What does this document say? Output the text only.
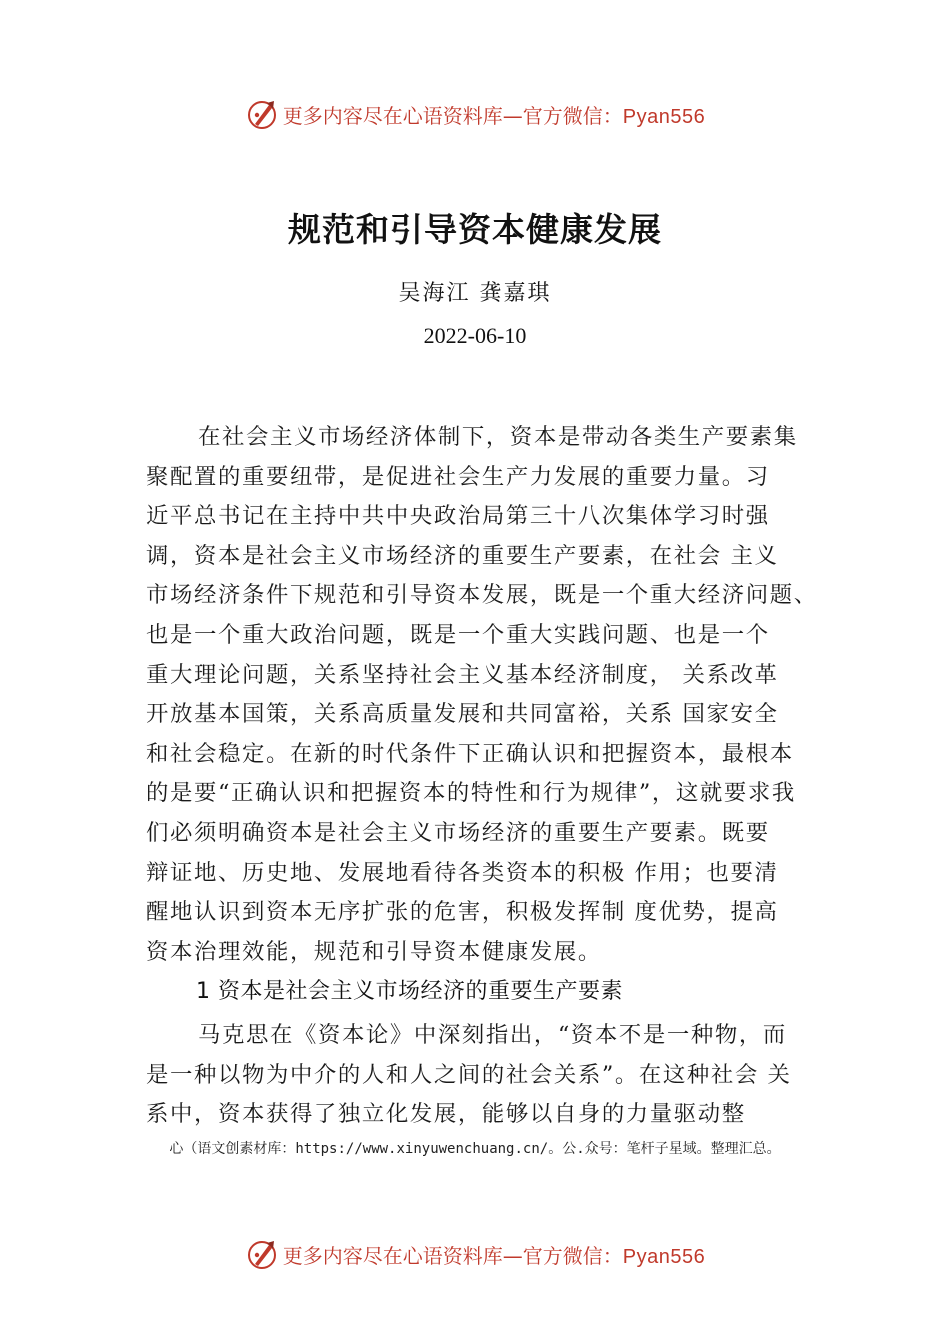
更多内容尽在心语资料库—官方微信：Pyan556
规范和引导资本健康发展
吴海江 龚嘉琪
2022-06-10
在社会主义市场经济体制下，资本是带动各类生产要素集
聚配置的重要纽带，是促进社会生产力发展的重要力量。习
近平总书记在主持中共中央政治局第三十八次集体学习时强
调，资本是社会主义市场经济的重要生产要素，在社会 主义
市场经济条件下规范和引导资本发展，既是一个重大经济问题、
也是一个重大政治问题，既是一个重大实践问题、也是一个
重大理论问题，关系坚持社会主义基本经济制度， 关系改革
开放基本国策，关系高质量发展和共同富裕，关系 国家安全
和社会稳定。在新的时代条件下正确认识和把握资本，最根本
的是要“正确认识和把握资本的特性和行为规律”，这就要求我
们必须明确资本是社会主义市场经济的重要生产要素。既要
辩证地、历史地、发展地看待各类资本的积极 作用；也要清
醒地认识到资本无序扩张的危害，积极发挥制 度优势，提高
资本治理效能，规范和引导资本健康发展。
1 资本是社会主义市场经济的重要生产要素
马克思在《资本论》中深刻指出，“资本不是一种物，而
是一种以物为中介的人和人之间的社会关系”。在这种社会 关
系中，资本获得了独立化发展，能够以自身的力量驱动整
心（语文创素材库：https://www.xinyuwenchuang.cn/。公.众号：笔杆子星域。整理汇总。
更多内容尽在心语资料库—官方微信：Pyan556
